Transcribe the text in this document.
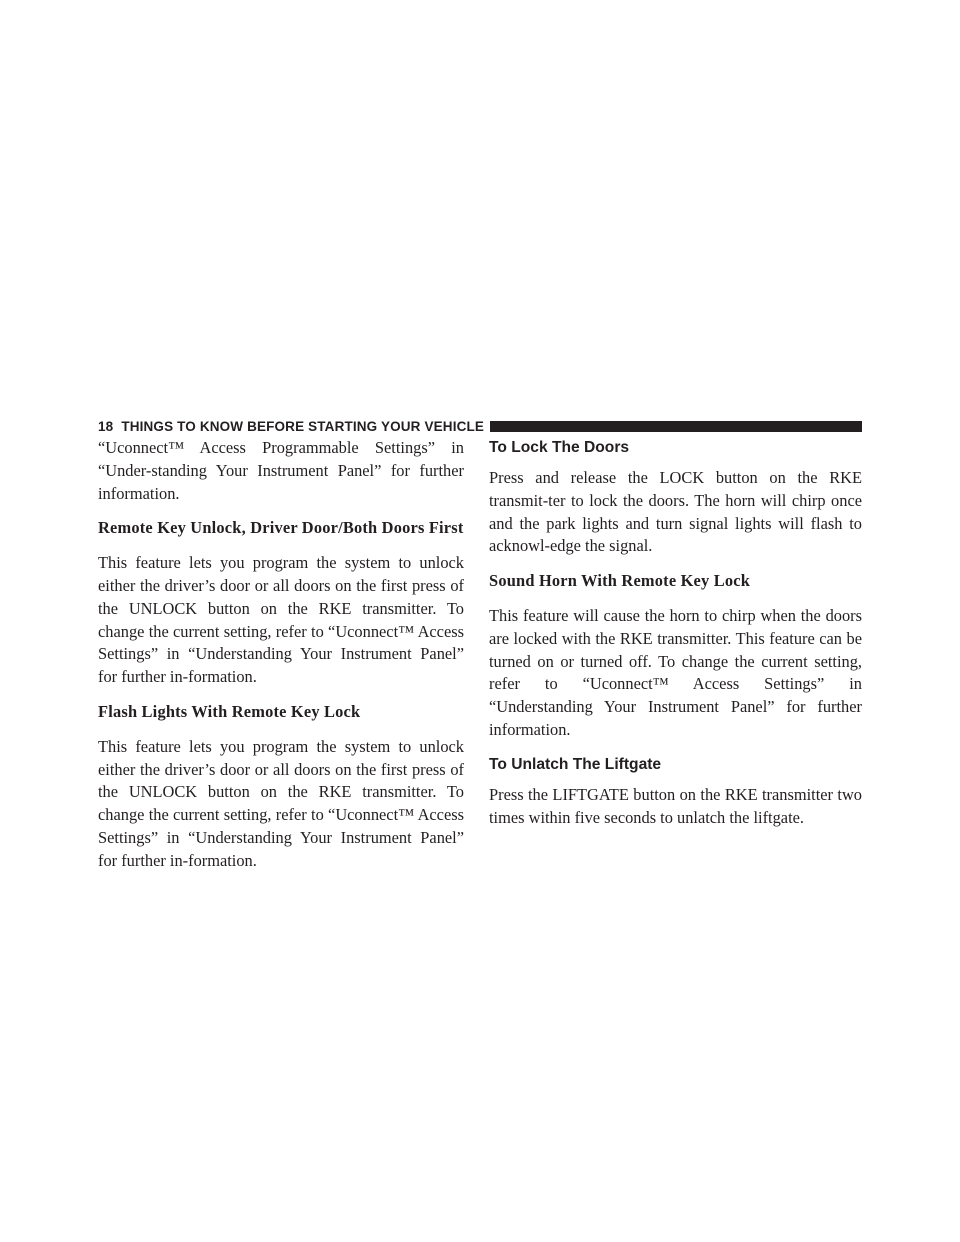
18 THINGS TO KNOW BEFORE STARTING YOUR VEHICLE

“Uconnect™ Access Programmable Settings” in “Under-standing Your Instrument Panel” for further information.

Remote Key Unlock, Driver Door/Both Doors First

This feature lets you program the system to unlock either the driver’s door or all doors on the first press of the UNLOCK button on the RKE transmitter. To change the current setting, refer to “Uconnect™ Access Settings” in “Understanding Your Instrument Panel” for further in-formation.

Flash Lights With Remote Key Lock

This feature lets you program the system to unlock either the driver’s door or all doors on the first press of the UNLOCK button on the RKE transmitter. To change the current setting, refer to “Uconnect™ Access Settings” in “Understanding Your Instrument Panel” for further in-formation.

To Lock The Doors

Press and release the LOCK button on the RKE transmit-ter to lock the doors. The horn will chirp once and the park lights and turn signal lights will flash to acknowl-edge the signal.

Sound Horn With Remote Key Lock

This feature will cause the horn to chirp when the doors are locked with the RKE transmitter. This feature can be turned on or turned off. To change the current setting, refer to “Uconnect™ Access Settings” in “Understanding Your Instrument Panel” for further information.

To Unlatch The Liftgate

Press the LIFTGATE button on the RKE transmitter two times within five seconds to unlatch the liftgate.
